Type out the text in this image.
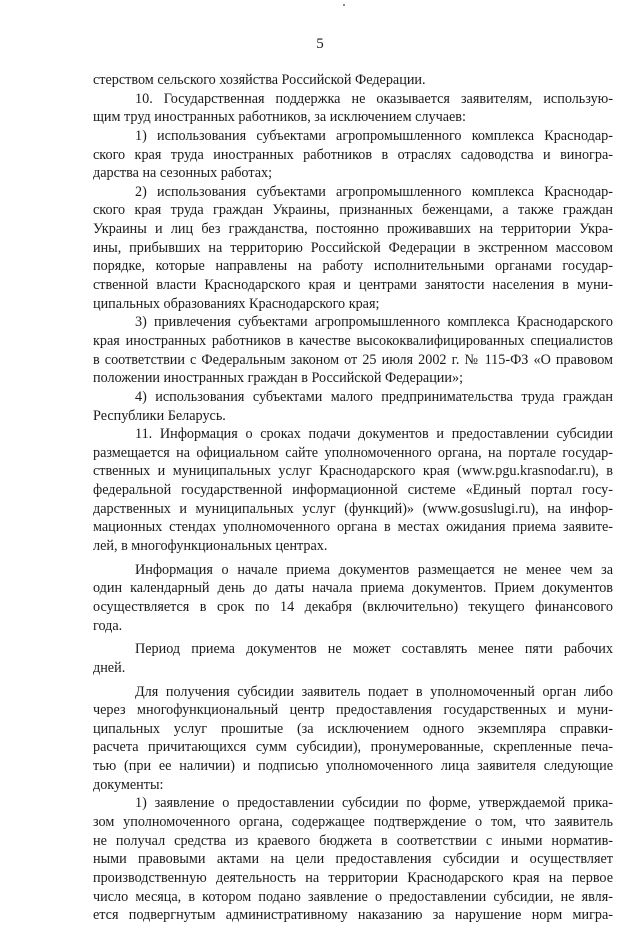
5
стерством сельского хозяйства Российской Федерации.
10. Государственная поддержка не оказывается заявителям, использую-
щим труд иностранных работников, за исключением случаев:
1) использования субъектами агропромышленного комплекса Краснодар-
ского края труда иностранных работников в отраслях садоводства и виногра-
дарства на сезонных работах;
2) использования субъектами агропромышленного комплекса Краснодар-
ского края труда граждан Украины, признанных беженцами, а также граждан
Украины и лиц без гражданства, постоянно проживавших на территории Укра-
ины, прибывших на территорию Российской Федерации в экстренном массовом
порядке, которые направлены на работу исполнительными органами государ-
ственной власти Краснодарского края и центрами занятости населения в муни-
ципальных образованиях Краснодарского края;
3) привлечения субъектами агропромышленного комплекса Краснодарского
края иностранных работников в качестве высококвалифицированных специалистов
в соответствии с Федеральным законом от 25 июля 2002 г. № 115-ФЗ «О правовом
положении иностранных граждан в Российской Федерации»;
4) использования субъектами малого предпринимательства труда граждан
Республики Беларусь.
11. Информация о сроках подачи документов и предоставлении субсидии
размещается на официальном сайте уполномоченного органа, на портале государ-
ственных и муниципальных услуг Краснодарского края (www.pgu.krasnodar.ru), в
федеральной государственной информационной системе «Единый портал госу-
дарственных и муниципальных услуг (функций)» (www.gosuslugi.ru), на инфор-
мационных стендах уполномоченного органа в местах ожидания приема заявите-
лей, в многофункциональных центрах.
Информация о начале приема документов размещается не менее чем за
один календарный день до даты начала приема документов. Прием документов
осуществляется в срок по 14 декабря (включительно) текущего финансового
года.
Период приема документов не может составлять менее пяти рабочих
дней.
Для получения субсидии заявитель подает в уполномоченный орган либо
через многофункциональный центр предоставления государственных и муни-
ципальных услуг прошитые (за исключением одного экземпляра справки-
расчета причитающихся сумм субсидии), пронумерованные, скрепленные печа-
тью (при ее наличии) и подписью уполномоченного лица заявителя следующие
документы:
1) заявление о предоставлении субсидии по форме, утверждаемой прика-
зом уполномоченного органа, содержащее подтверждение о том, что заявитель
не получал средства из краевого бюджета в соответствии с иными норматив-
ными правовыми актами на цели предоставления субсидии и осуществляет
производственную деятельность на территории Краснодарского края на первое
число месяца, в котором подано заявление о предоставлении субсидии, не явля-
ется подвергнутым административному наказанию за нарушение норм мигра-
